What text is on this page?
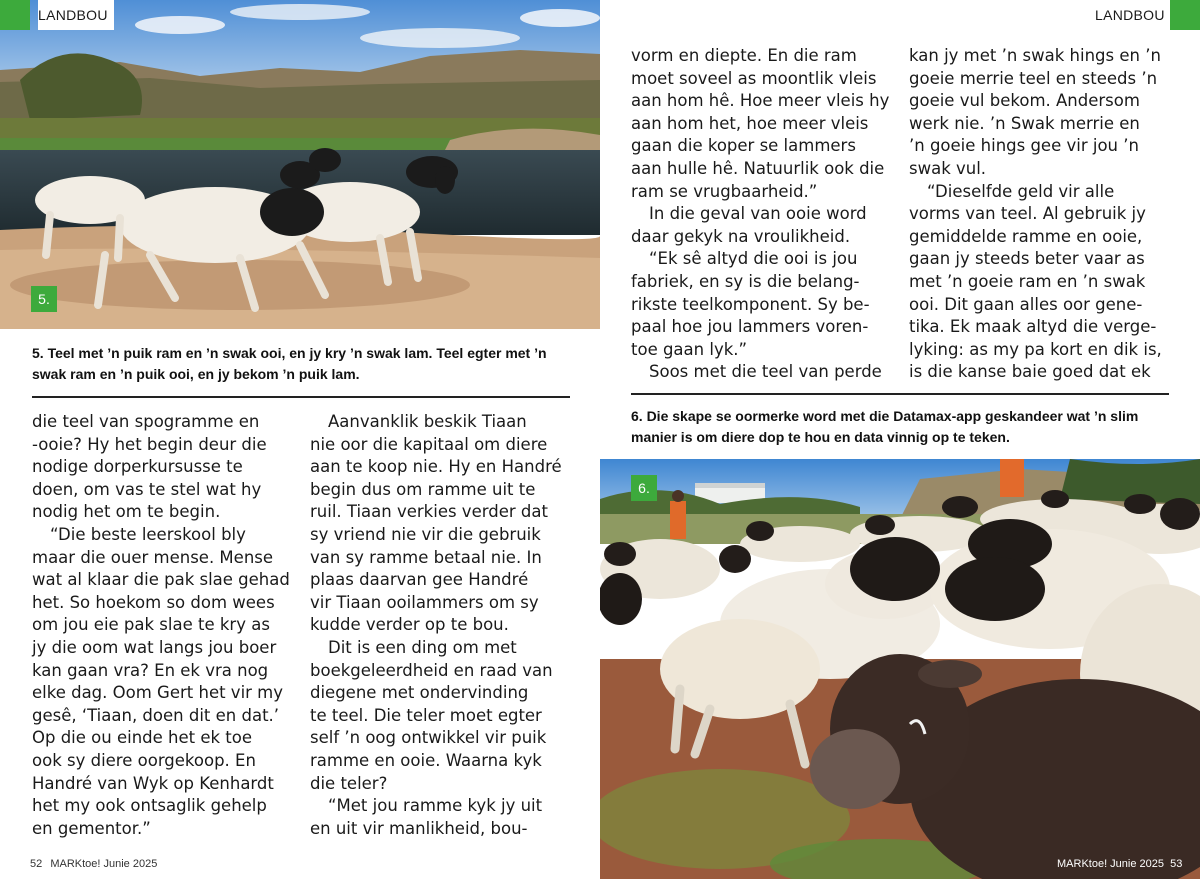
5.
LANDBOU
5. Teel met ’n puik ram en ’n swak ooi, en jy kry ’n swak lam. Teel egter met ’n
swak ram en ’n puik ooi, en jy bekom ’n puik lam.

die teel van spogramme en

-ooie? Hy het begin deur die

nodige dorperkursusse te

doen, om vas te stel wat hy

nodig het om te begin.

“Die beste leerskool bly

maar die ouer mense. Mense

wat al klaar die pak slae gehad

het. So hoekom so dom wees

om jou eie pak slae te kry as

jy die oom wat langs jou boer

kan gaan vra? En ek vra nog

elke dag. Oom Gert het vir my

gesê, ‘Tiaan, doen dit en dat.’

Op die ou einde het ek toe

ook sy diere oorgekoop. En

Handré van Wyk op Kenhardt

het my ook ontsaglik gehelp

en gementor.”

Aanvanklik beskik Tiaan

nie oor die kapitaal om diere

aan te koop nie. Hy en Handré

begin dus om ramme uit te

ruil. Tiaan verkies verder dat

sy vriend nie vir die gebruik

van sy ramme betaal nie. In

plaas daarvan gee Handré

vir Tiaan ooilammers om sy

kudde verder op te bou.

Dit is een ding om met

boekgeleerdheid en raad van

diegene met ondervinding

te teel. Die teler moet egter

self ’n oog ontwikkel vir puik

ramme en ooie. Waarna kyk

die teler?

“Met jou ramme kyk jy uit

en uit vir manlikheid, bou-

52 MARKtoe! Junie 2025
LANDBOU

vorm en diepte. En die ram

moet soveel as moontlik vleis

aan hom hê. Hoe meer vleis hy

aan hom het, hoe meer vleis

gaan die koper se lammers

aan hulle hê. Natuurlik ook die

ram se vrugbaarheid.”

In die geval van ooie word

daar gekyk na vroulikheid.

“Ek sê altyd die ooi is jou

fabriek, en sy is die belang-

rikste teelkomponent. Sy be-

paal hoe jou lammers voren-

toe gaan lyk.”

Soos met die teel van perde

kan jy met ’n swak hings en ’n

goeie merrie teel en steeds ’n

goeie vul bekom. Andersom

werk nie. ’n Swak merrie en

’n goeie hings gee vir jou ’n

swak vul.

“Dieselfde geld vir alle

vorms van teel. Al gebruik jy

gemiddelde ramme en ooie,

gaan jy steeds beter vaar as

met ’n goeie ram en ’n swak

ooi. Dit gaan alles oor gene-

tika. Ek maak altyd die verge-

lyking: as my pa kort en dik is,

is die kanse baie goed dat ek

6. Die skape se oormerke word met die Datamax-app geskandeer wat ’n slim
manier is om diere dop te hou en data vinnig op te teken.
6.
MARKtoe! Junie 2025 53
